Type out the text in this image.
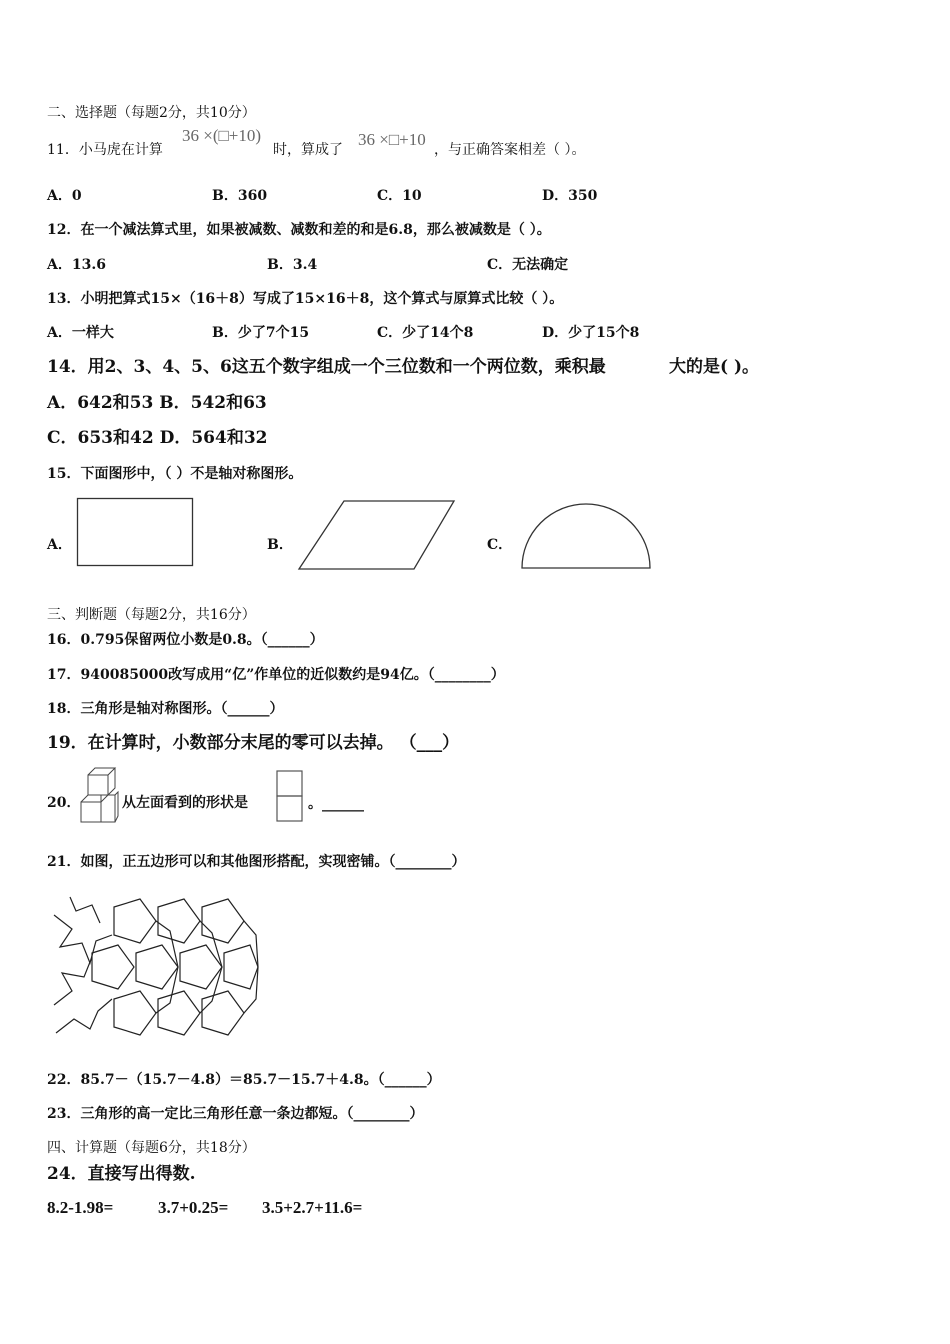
二、选择题（每题2分，共10分）
11．小马虎在计算
36 ×(□+10)
时，算成了
36 ×□+10
，与正确答案相差（ ）。
A．0	B．360	C．10	D．350
12．在一个减法算式里，如果被减数、减数和差的和是6.8，那么被减数是（ ）。
A．13.6	B．3.4	C．无法确定
13．小明把算式15×（16＋8）写成了15×16＋8，这个算式与原算式比较（ ）。
A．一样大	B．少了7个15	C．少了14个8	D．少了15个8
14．用2、3、4、5、6这五个数字组成一个三位数和一个两位数，乘积最	大的是( )。
A．642和53 B．542和63
C．653和42 D．564和32
15．下面图形中，（ ）不是轴对称图形。
A．	B．	C．
三、判断题（每题2分，共16分）
16．0.795保留两位小数是0.8。（______）
17．940085000改写成用“亿”作单位的近似数约是94亿。（________）
18．三角形是轴对称图形。（______）
19．在计算时，小数部分末尾的零可以去掉。 （___）
20．	从左面看到的形状是	。______
21．如图，正五边形可以和其他图形搭配，实现密铺。（________）
22．85.7－（15.7－4.8）＝85.7－15.7＋4.8。（______）
23．三角形的高一定比三角形任意一条边都短。（________）
四、计算题（每题6分，共18分）
24．直接写出得数.
8.2-1.98=	3.7+0.25= 3.5+2.7+11.6=
